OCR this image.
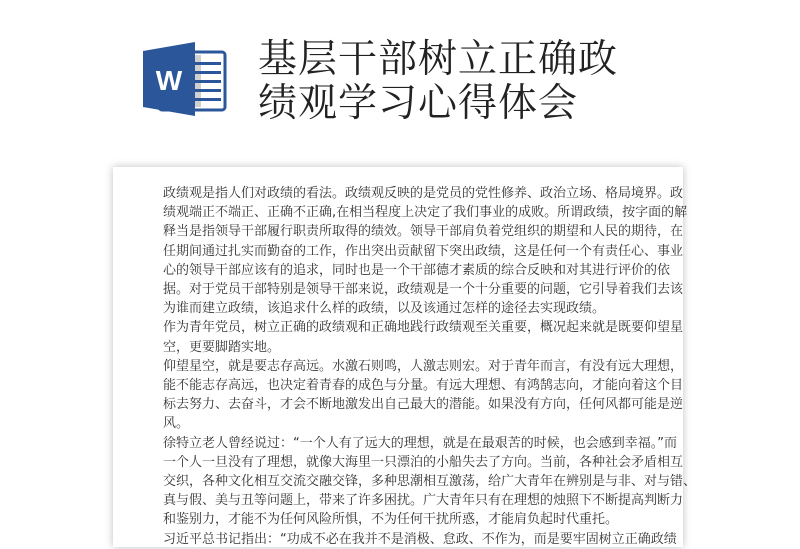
W 基层干部树立正确政
绩观学习心得体会
政绩观是指人们对政绩的看法。政绩观反映的是党员的党性修养、政治立场、格局境界。政
绩观端正不端正、正确不正确,在相当程度上决定了我们事业的成败。所谓政绩，按字面的解
释当是指领导干部履行职责所取得的绩效。领导干部肩负着党组织的期望和人民的期待，在
任期间通过扎实而勤奋的工作，作出突出贡献留下突出政绩，这是任何一个有责任心、事业
心的领导干部应该有的追求，同时也是一个干部德才素质的综合反映和对其进行评价的依
据。对于党员干部特别是领导干部来说，政绩观是一个十分重要的问题，它引导着我们去该
为谁而建立政绩，该追求什么样的政绩，以及该通过怎样的途径去实现政绩。
作为青年党员，树立正确的政绩观和正确地践行政绩观至关重要，概况起来就是既要仰望星
空，更要脚踏实地。
仰望星空，就是要志存高远。水激石则鸣，人激志则宏。对于青年而言，有没有远大理想，
能不能志存高远，也决定着青春的成色与分量。有远大理想、有鸿鹄志向，才能向着这个目
标去努力、去奋斗，才会不断地激发出自己最大的潜能。如果没有方向，任何风都可能是逆
风。
徐特立老人曾经说过：“一个人有了远大的理想，就是在最艰苦的时候，也会感到幸福。”而
一个人一旦没有了理想，就像大海里一只漂泊的小船失去了方向。当前，各种社会矛盾相互
交织，各种文化相互交流交融交锋，多种思潮相互激荡，给广大青年在辨别是与非、对与错、
真与假、美与丑等问题上，带来了许多困扰。广大青年只有在理想的烛照下不断提高判断力
和鉴别力，才能不为任何风险所惧，不为任何干扰所惑，才能肩负起时代重托。
习近平总书记指出：“功成不必在我并不是消极、怠政、不作为，而是要牢固树立正确政绩
